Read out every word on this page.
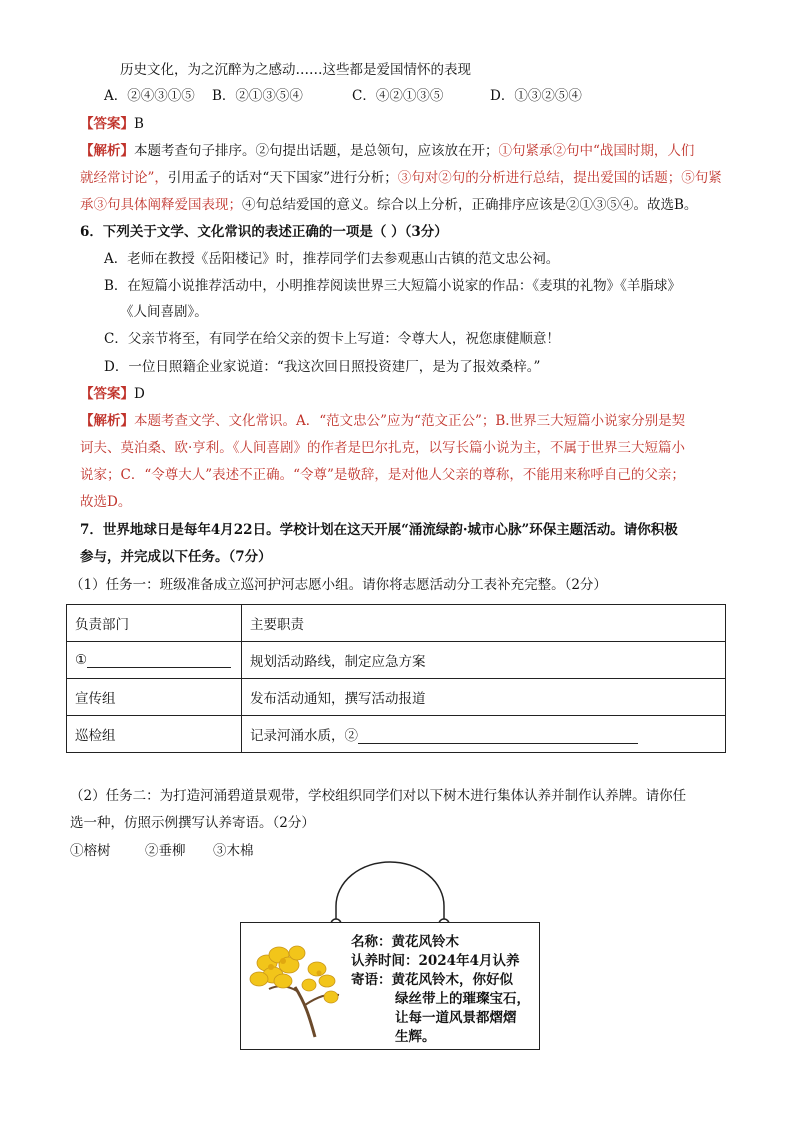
历史文化，为之沉醉为之感动……这些都是爱国情怀的表现
A．②④③①⑤ B．②①③⑤④	C．④②①③⑤	D．①③②⑤④
【答案】B
【解析】本题考查句子排序。②句提出话题，是总领句，应该放在开；①句紧承②句中“战国时期，人们
就经常讨论”，引用孟子的话对“天下国家”进行分析；③句对②句的分析进行总结，提出爱国的话题；⑤句紧
承③句具体阐释爱国表现；④句总结爱国的意义。综合以上分析，正确排序应该是②①③⑤④。故选B。
6．下列关于文学、文化常识的表述正确的一项是（ ）（3分）
A．老师在教授《岳阳楼记》时，推荐同学们去参观惠山古镇的范文忠公祠。
B．在短篇小说推荐活动中，小明推荐阅读世界三大短篇小说家的作品：《麦琪的礼物》《羊脂球》
《人间喜剧》。
C．父亲节将至，有同学在给父亲的贺卡上写道：令尊大人，祝您康健顺意！
D．一位日照籍企业家说道：“我这次回日照投资建厂，是为了报效桑梓。”
【答案】D
【解析】本题考查文学、文化常识。A．“范文忠公”应为“范文正公”；B.世界三大短篇小说家分别是契
诃夫、莫泊桑、欧·亨利。《人间喜剧》的作者是巴尔扎克，以写长篇小说为主，不属于世界三大短篇小
说家；C．“令尊大人”表述不正确。“令尊”是敬辞，是对他人父亲的尊称，不能用来称呼自己的父亲；
故选D。
7．世界地球日是每年4月22日。学校计划在这天开展“涌流绿韵·城市心脉”环保主题活动。请你积极
参与，并完成以下任务。（7分）
（1）任务一：班级准备成立巡河护河志愿小组。请你将志愿活动分工表补充完整。（2分）
负责部门	主要职责
①	规划活动路线，制定应急方案
宣传组	发布活动通知，撰写活动报道
巡检组	记录河涌水质，②
（2）任务二：为打造河涌碧道景观带，学校组织同学们对以下树木进行集体认养并制作认养牌。请你任
选一种，仿照示例撰写认养寄语。（2分）
①榕树	②垂柳 ③木棉
名称：黄花风铃木
认养时间：2024年4月认养
寄语：黄花风铃木，你好似
绿丝带上的璀璨宝石，
让每一道风景都熠熠
生辉。
